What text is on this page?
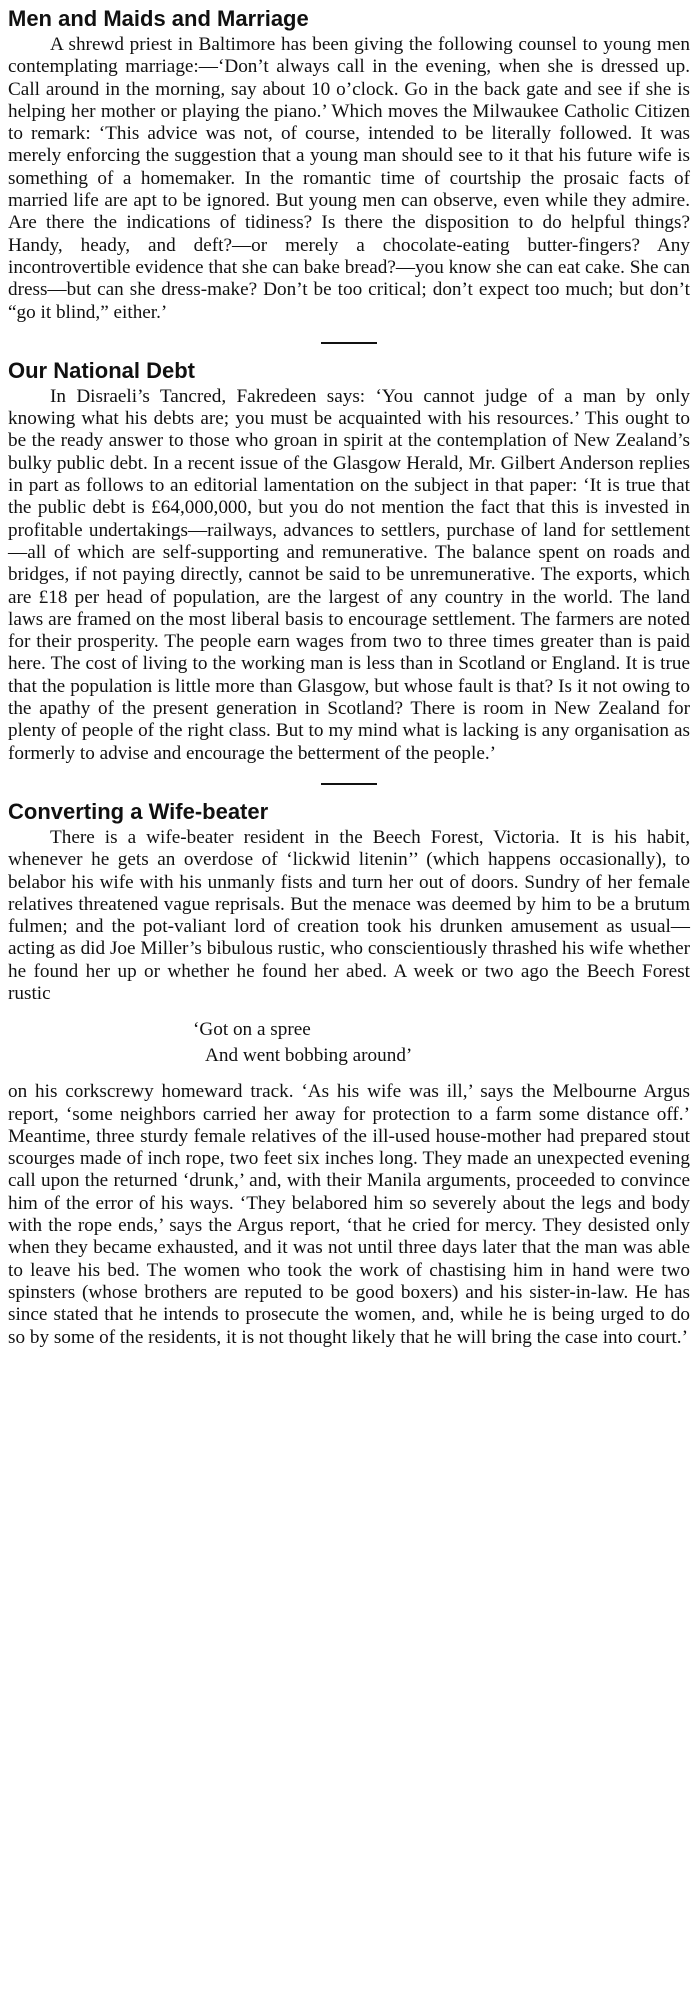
Men and Maids and Marriage

A shrewd priest in Baltimore has been giving the following counsel to young men contemplating marriage:—‘Don’t always call in the evening, when she is dressed up. Call around in the morning, say about 10 o’clock. Go in the back gate and see if she is helping her mother or playing the piano.’ Which moves the Milwaukee Catholic Citizen to remark: ‘This advice was not, of course, intended to be literally followed. It was merely enforcing the suggestion that a young man should see to it that his future wife is something of a homemaker. In the romantic time of courtship the prosaic facts of married life are apt to be ignored. But young men can observe, even while they admire. Are there the indications of tidiness? Is there the disposition to do helpful things? Handy, heady, and deft?—or merely a chocolate-eating butter-fingers? Any incontrovertible evidence that she can bake bread?—you know she can eat cake. She can dress—but can she dress-make? Don’t be too critical; don’t expect too much; but don’t “go it blind,” either.’

Our National Debt

In Disraeli’s Tancred, Fakredeen says: ‘You cannot judge of a man by only knowing what his debts are; you must be acquainted with his resources.’ This ought to be the ready answer to those who groan in spirit at the contemplation of New Zealand’s bulky public debt. In a recent issue of the Glasgow Herald, Mr. Gilbert Anderson replies in part as follows to an editorial lamentation on the subject in that paper: ‘It is true that the public debt is £64,000,000, but you do not mention the fact that this is invested in profitable undertakings—railways, advances to settlers, purchase of land for settlement—all of which are self-supporting and remunerative. The balance spent on roads and bridges, if not paying directly, cannot be said to be unremunerative. The exports, which are £18 per head of population, are the largest of any country in the world. The land laws are framed on the most liberal basis to encourage settlement. The farmers are noted for their prosperity. The people earn wages from two to three times greater than is paid here. The cost of living to the working man is less than in Scotland or England. It is true that the population is little more than Glasgow, but whose fault is that? Is it not owing to the apathy of the present generation in Scotland? There is room in New Zealand for plenty of people of the right class. But to my mind what is lacking is any organisation as formerly to advise and encourage the betterment of the people.’

Converting a Wife-beater

There is a wife-beater resident in the Beech Forest, Victoria. It is his habit, whenever he gets an overdose of ‘lickwid litenin’’ (which happens occasionally), to belabor his wife with his unmanly fists and turn her out of doors. Sundry of her female relatives threatened vague reprisals. But the menace was deemed by him to be a brutum fulmen; and the pot-valiant lord of creation took his drunken amusement as usual—acting as did Joe Miller’s bibulous rustic, who conscientiously thrashed his wife whether he found her up or whether he found her abed. A week or two ago the Beech Forest rustic

‘Got on a spree
And went bobbing around’

on his corkscrewy homeward track. ‘As his wife was ill,’ says the Melbourne Argus report, ‘some neighbors carried her away for protection to a farm some distance off.’ Meantime, three sturdy female relatives of the ill-used house-mother had prepared stout scourges made of inch rope, two feet six inches long. They made an unexpected evening call upon the returned ‘drunk,’ and, with their Manila arguments, proceeded to convince him of the error of his ways. ‘They belabored him so severely about the legs and body with the rope ends,’ says the Argus report, ‘that he cried for mercy. They desisted only when they became exhausted, and it was not until three days later that the man was able to leave his bed. The women who took the work of chastising him in hand were two spinsters (whose brothers are reputed to be good boxers) and his sister-in-law. He has since stated that he intends to prosecute the women, and, while he is being urged to do so by some of the residents, it is not thought likely that he will bring the case into court.’
